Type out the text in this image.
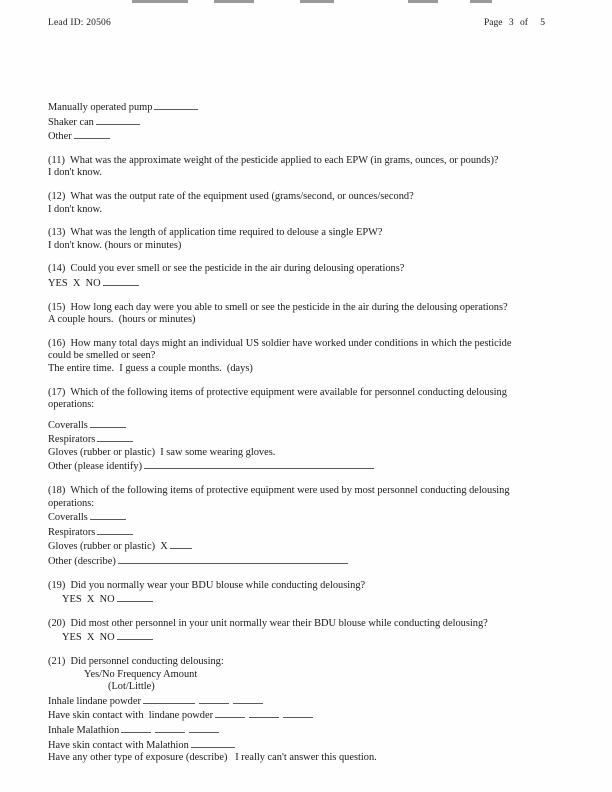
Lead ID: 20506	Page 3 of 5
Manually operated pump
Shaker can
Other
(11) What was the approximate weight of the pesticide applied to each EPW (in grams, ounces, or pounds)?
I don't know.
(12) What was the output rate of the equipment used (grams/second, or ounces/second?
I don't know.
(13) What was the length of application time required to delouse a single EPW?
I don't know. (hours or minutes)
(14) Could you ever smell or see the pesticide in the air during delousing operations?
YES X NO
(15) How long each day were you able to smell or see the pesticide in the air during the delousing operations?
A couple hours.  (hours or minutes)
(16) How many total days might an individual US soldier have worked under conditions in which the pesticide
could be smelled or seen?
The entire time.  I guess a couple months.  (days)
(17) Which of the following items of protective equipment were available for personnel conducting delousing
operations:
Coveralls
Respirators
Gloves (rubber or plastic) I saw some wearing gloves.
Other (please identify)
(18) Which of the following items of protective equipment were used by most personnel conducting delousing
operations:
Coveralls
Respirators
Gloves (rubber or plastic) X
Other (describe)
(19) Did you normally wear your BDU blouse while conducting delousing?
YES X NO
(20) Did most other personnel in your unit normally wear their BDU blouse while conducting delousing?
YES X NO
(21) Did personnel conducting delousing:
Yes/No Frequency Amount
(Lot/Little)
Inhale lindane powder
Have skin contact with  lindane powder
Inhale Malathion
Have skin contact with Malathion
Have any other type of exposure (describe) I really can't answer this question.
